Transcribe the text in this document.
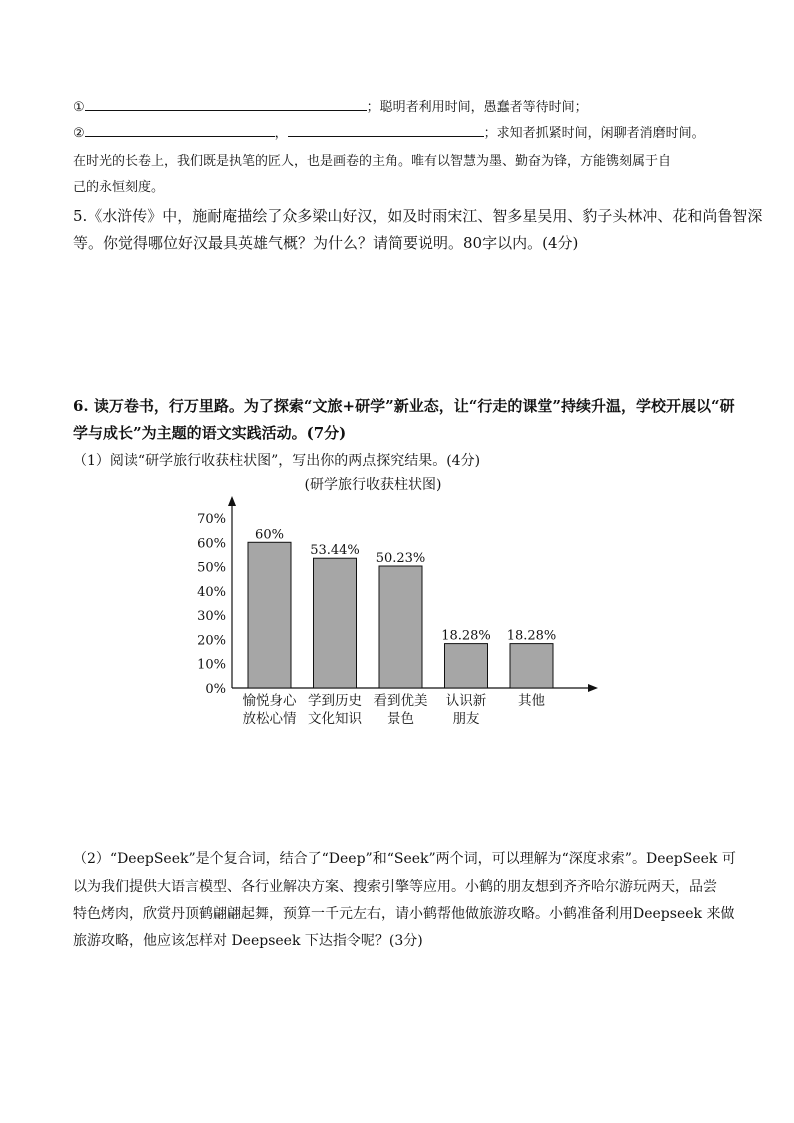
①	；聪明者利用时间，愚蠢者等待时间；
②	，	；求知者抓紧时间，闲聊者消磨时间。
在时光的长卷上，我们既是执笔的匠人，也是画卷的主角。唯有以智慧为墨、勤奋为锋，方能镌刻属于自
己的永恒刻度。
5.《水浒传》中，施耐庵描绘了众多梁山好汉，如及时雨宋江、智多星吴用、豹子头林冲、花和尚鲁智深
等。你觉得哪位好汉最具英雄气概？为什么？请简要说明。80字以内。(4分)
6. 读万卷书，行万里路。为了探索“文旅+研学”新业态，让“行走的课堂”持续升温，学校开展以“研
学与成长”为主题的语文实践活动。(7分)
（1）阅读“研学旅行收获柱状图”，写出你的两点探究结果。(4分)
(研学旅行收获柱状图)
0%
10%
20%
30%
40%
50%
60%
70%
60%
53.44%
50.23%
18.28% 18.28%
愉悦身心
放松心情
学到历史
文化知识
看到优美
景色
认识新
朋友
其他
（2）“DeepSeek”是个复合词，结合了“Deep”和“Seek”两个词，可以理解为“深度求索”。DeepSeek 可
以为我们提供大语言模型、各行业解决方案、搜索引擎等应用。小鹤的朋友想到齐齐哈尔游玩两天，品尝
特色烤肉，欣赏丹顶鹤翩翩起舞，预算一千元左右，请小鹤帮他做旅游攻略。小鹤准备利用Deepseek 来做
旅游攻略，他应该怎样对 Deepseek 下达指令呢？(3分)
